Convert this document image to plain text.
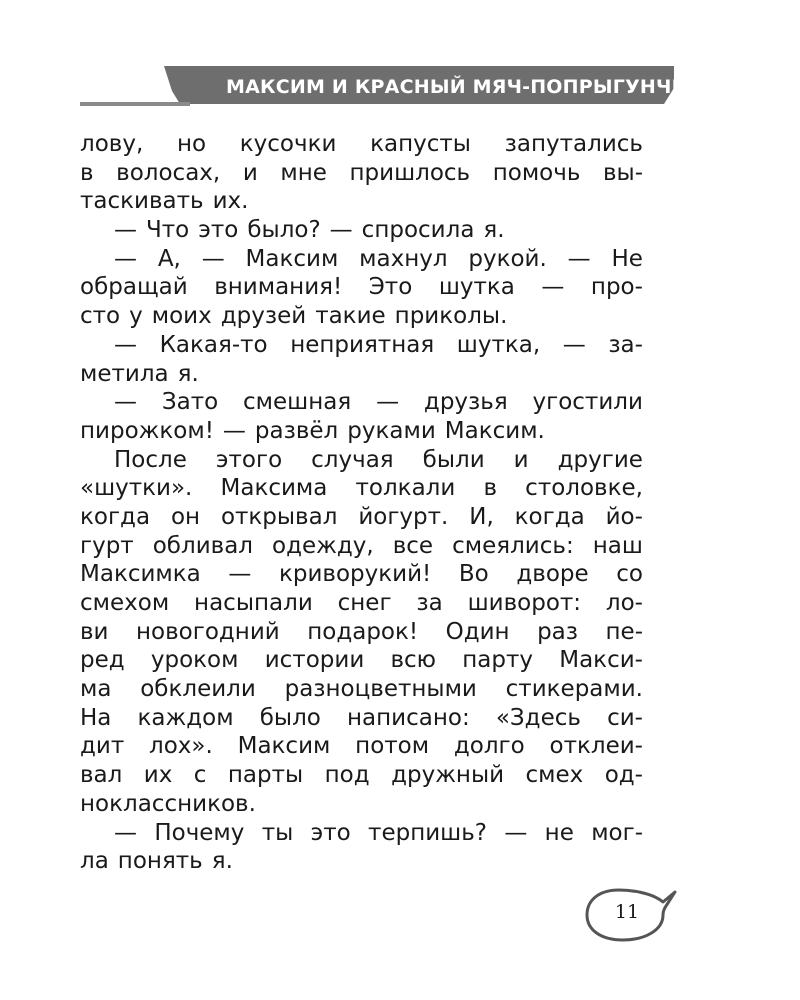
МАКСИМ И КРАСНЫЙ МЯЧ-ПОПРЫГУНЧИК
лову, но кусочки капусты запутались
в волосах, и мне пришлось помочь вы-
таскивать их.
— Что это было? — спросила я.
— А, — Максим махнул рукой. — Не
обращай внимания! Это шутка — про-
сто у моих друзей такие приколы.
— Какая-то неприятная шутка, — за-
метила я.
— Зато смешная — друзья угостили
пирожком! — развёл руками Максим.
После этого случая были и другие
«шутки». Максима толкали в столовке,
когда он открывал йогурт. И, когда йо-
гурт обливал одежду, все смеялись: наш
Максимка — криворукий! Во дворе со
смехом насыпали снег за шиворот: ло-
ви новогодний подарок! Один раз пе-
ред уроком истории всю парту Макси-
ма обклеили разноцветными стикерами.
На каждом было написано: «Здесь си-
дит лох». Максим потом долго отклеи-
вал их с парты под дружный смех од-
ноклассников.
— Почему ты это терпишь? — не мог-
ла понять я.
11
